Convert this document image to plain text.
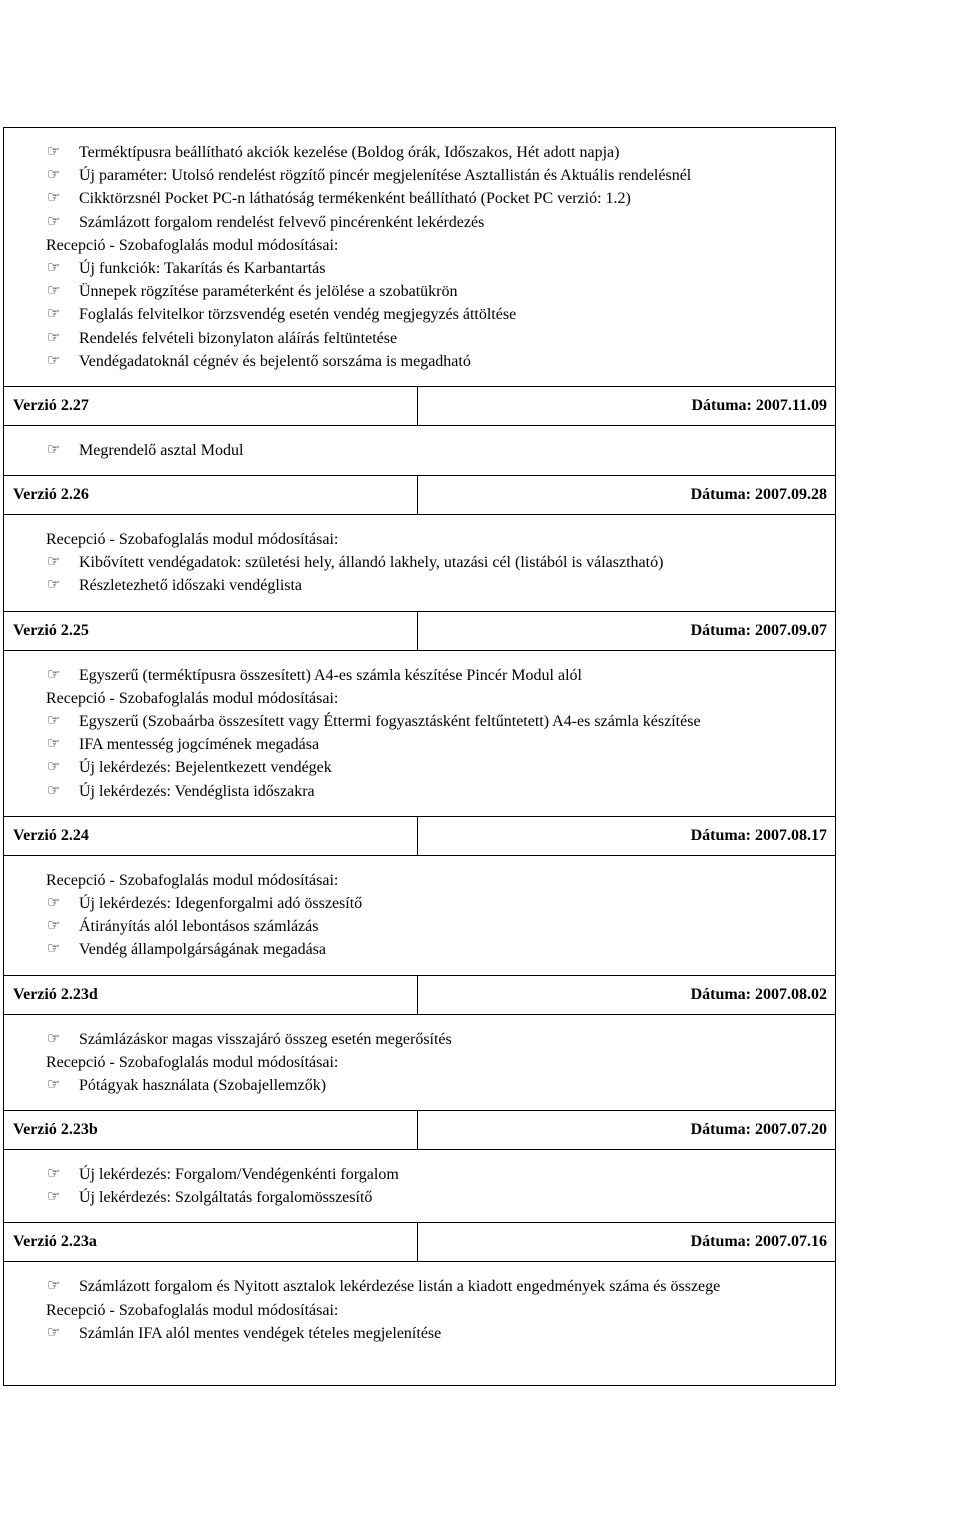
☞	Terméktípusra beállítható akciók kezelése (Boldog órák, Időszakos, Hét adott napja)
☞	Új paraméter: Utolsó rendelést rögzítő pincér megjelenítése Asztallistán és Aktuális rendelésnél
☞	Cikktörzsnél Pocket PC-n láthatóság termékenként beállítható (Pocket PC verzió: 1.2)
☞	Számlázott forgalom rendelést felvevő pincérenként lekérdezés
Recepció - Szobafoglalás modul módosításai:
☞	Új funkciók: Takarítás és Karbantartás
☞	Ünnepek rögzítése paraméterként és jelölése a szobatükrön
☞	Foglalás felvitelkor törzsvendég esetén vendég megjegyzés áttöltése
☞	Rendelés felvételi bizonylaton aláírás feltüntetése
☞	Vendégadatoknál cégnév és bejelentő sorszáma is megadható
Verzió 2.27	Dátuma: 2007.11.09
☞	Megrendelő asztal Modul
Verzió 2.26	Dátuma: 2007.09.28
Recepció - Szobafoglalás modul módosításai:
☞	Kibővített vendégadatok: születési hely, állandó lakhely, utazási cél (listából is választható)
☞	Részletezhető időszaki vendéglista
Verzió 2.25	Dátuma: 2007.09.07
☞	Egyszerű (terméktípusra összesített) A4-es számla készítése Pincér Modul alól
Recepció - Szobafoglalás modul módosításai:
☞	Egyszerű (Szobaárba összesített vagy Éttermi fogyasztásként feltűntetett) A4-es számla készítése
☞	IFA mentesség jogcímének megadása
☞	Új lekérdezés: Bejelentkezett vendégek
☞	Új lekérdezés: Vendéglista időszakra
Verzió 2.24	Dátuma: 2007.08.17
Recepció - Szobafoglalás modul módosításai:
☞	Új lekérdezés: Idegenforgalmi adó összesítő
☞	Átirányítás alól lebontásos számlázás
☞	Vendég állampolgárságának megadása
Verzió 2.23d	Dátuma: 2007.08.02
☞	Számlázáskor magas visszajáró összeg esetén megerősítés
Recepció - Szobafoglalás modul módosításai:
☞	Pótágyak használata (Szobajellemzők)
Verzió 2.23b	Dátuma: 2007.07.20
☞	Új lekérdezés: Forgalom/Vendégenkénti forgalom
☞	Új lekérdezés: Szolgáltatás forgalomösszesítő
Verzió 2.23a	Dátuma: 2007.07.16
☞	Számlázott forgalom és Nyitott asztalok lekérdezése listán a kiadott engedmények száma és összege
Recepció - Szobafoglalás modul módosításai:
☞	Számlán IFA alól mentes vendégek tételes megjelenítése
